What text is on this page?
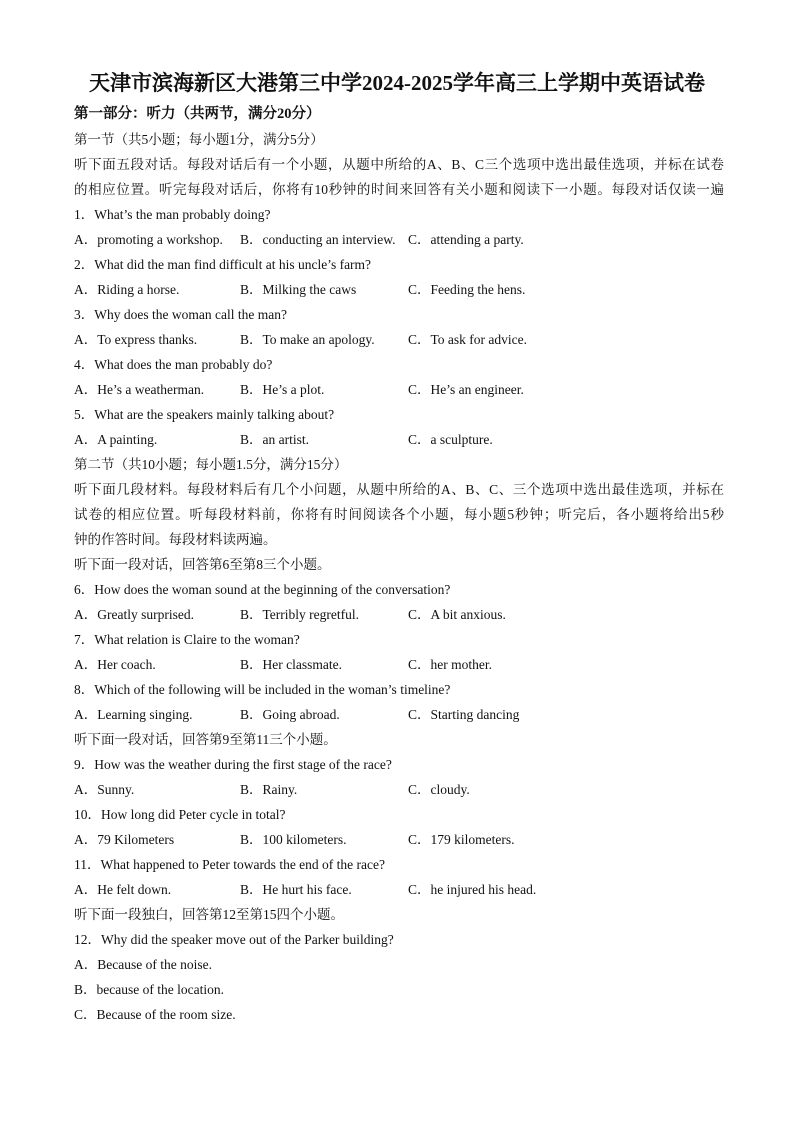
天津市滨海新区大港第三中学2024-2025学年高三上学期中英语试卷
第一部分：听力（共两节，满分20分）
第一节（共5小题；每小题1分，满分5分）
听下面五段对话。每段对话后有一个小题，从题中所给的A、B、C三个选项中选出最佳选项，并标在试卷
的相应位置。听完每段对话后，你将有10秒钟的时间来回答有关小题和阅读下一小题。每段对话仅读一遍
1．What’s the man probably doing?
A．promoting a workshop. B．conducting an interview. C．attending a party.
2．What did the man find difficult at his uncle’s farm?
A．Riding a horse.	B．Milking the caws	C．Feeding the hens.
3．Why does the woman call the man?
A．To express thanks.	B．To make an apology. C．To ask for advice.
4．What does the man probably do?
A．He’s a weatherman.	B．He’s a plot.	C．He’s an engineer.
5．What are the speakers mainly talking about?
A．A painting.	B．an artist.	C．a sculpture.
第二节（共10小题；每小题1.5分，满分15分）
听下面几段材料。每段材料后有几个小问题，从题中所给的A、B、C、三个选项中选出最佳选项，并标在
试卷的相应位置。听每段材料前，你将有时间阅读各个小题，每小题5秒钟；听完后，各小题将给出5秒
钟的作答时间。每段材料读两遍。
听下面一段对话，回答第6至第8三个小题。
6．How does the woman sound at the beginning of the conversation?
A．Greatly surprised.	B．Terribly regretful.	C．A bit anxious.
7．What relation is Claire to the woman?
A．Her coach.	B．Her classmate.	C．her mother.
8．Which of the following will be included in the woman’s timeline?
A．Learning singing.	B．Going abroad.	C．Starting dancing
听下面一段对话，回答第9至第11三个小题。
9．How was the weather during the first stage of the race?
A．Sunny.	B．Rainy.	C．cloudy.
10．How long did Peter cycle in total?
A．79 Kilometers	B．100 kilometers.	C．179 kilometers.
11．What happened to Peter towards the end of the race?
A．He felt down.	B．He hurt his face.	C．he injured his head.
听下面一段独白，回答第12至第15四个小题。
12．Why did the speaker move out of the Parker building?
A．Because of the noise.
B．because of the location.
C．Because of the room size.
